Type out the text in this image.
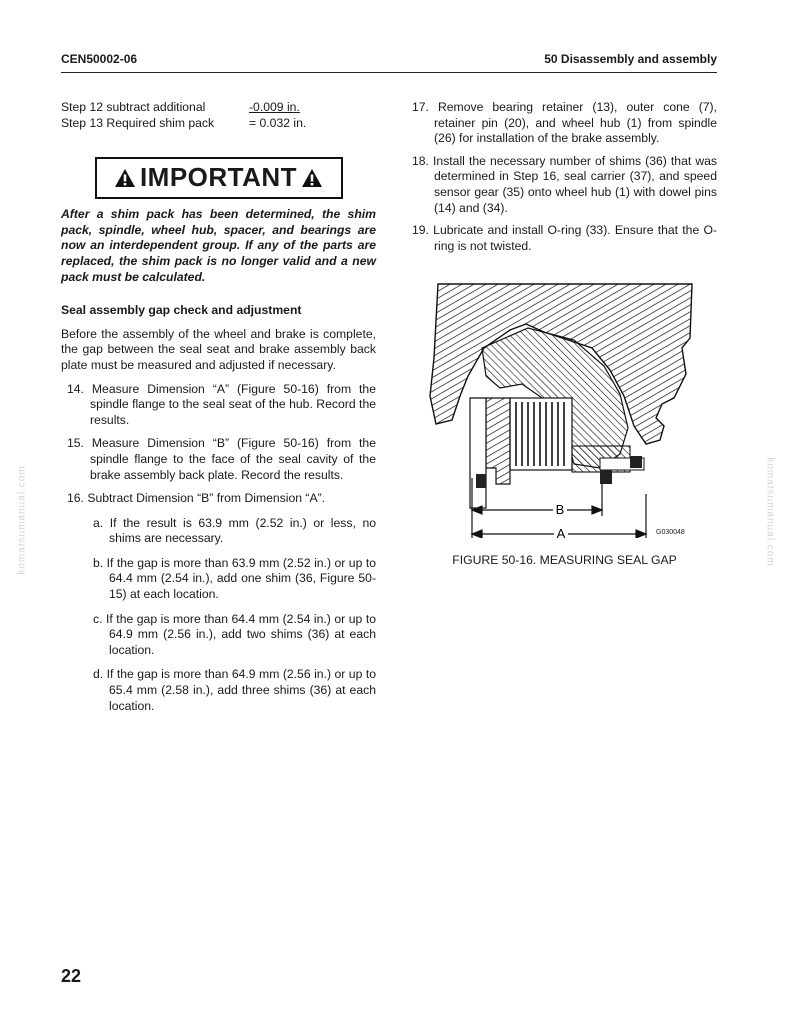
CEN50002-06	50 Disassembly and assembly
komatsumanual.com	komatsumanual.com
Step 12 subtract additional	-0.009 in.
Step 13 Required shim pack	= 0.032 in.
IMPORTANT
After a shim pack has been determined, the shim pack, spindle, wheel hub, spacer, and bearings are now an interdependent group. If any of the parts are replaced, the shim pack is no longer valid and a new pack must be calculated.
Seal assembly gap check and adjustment
Before the assembly of the wheel and brake is complete, the gap between the seal seat and brake assembly back plate must be measured and adjusted if necessary.
14. Measure Dimension “A” (Figure 50-16) from the spindle flange to the seal seat of the hub. Record the results.
15. Measure Dimension “B” (Figure 50-16) from the spindle flange to the face of the seal cavity of the brake assembly back plate. Record the results.
16. Subtract Dimension “B” from Dimension “A”.
a. If the result is 63.9 mm (2.52 in.) or less, no shims are necessary.
b. If the gap is more than 63.9 mm (2.52 in.) or up to 64.4 mm (2.54 in.), add one shim (36, Figure 50-15) at each location.
c. If the gap is more than 64.4 mm (2.54 in.) or up to 64.9 mm (2.56 in.), add two shims (36) at each location.
d. If the gap is more than 64.9 mm (2.56 in.) or up to 65.4 mm (2.58 in.), add three shims (36) at each location.
17. Remove bearing retainer (13), outer cone (7), retainer pin (20), and wheel hub (1) from spindle (26) for installation of the brake assembly.
18. Install the necessary number of shims (36) that was determined in Step 16, seal carrier (37), and speed sensor gear (35) onto wheel hub (1) with dowel pins (14) and (34).
19. Lubricate and install O-ring (33). Ensure that the O-ring is not twisted.
B
A	G030048
FIGURE 50-16. MEASURING SEAL GAP
22
